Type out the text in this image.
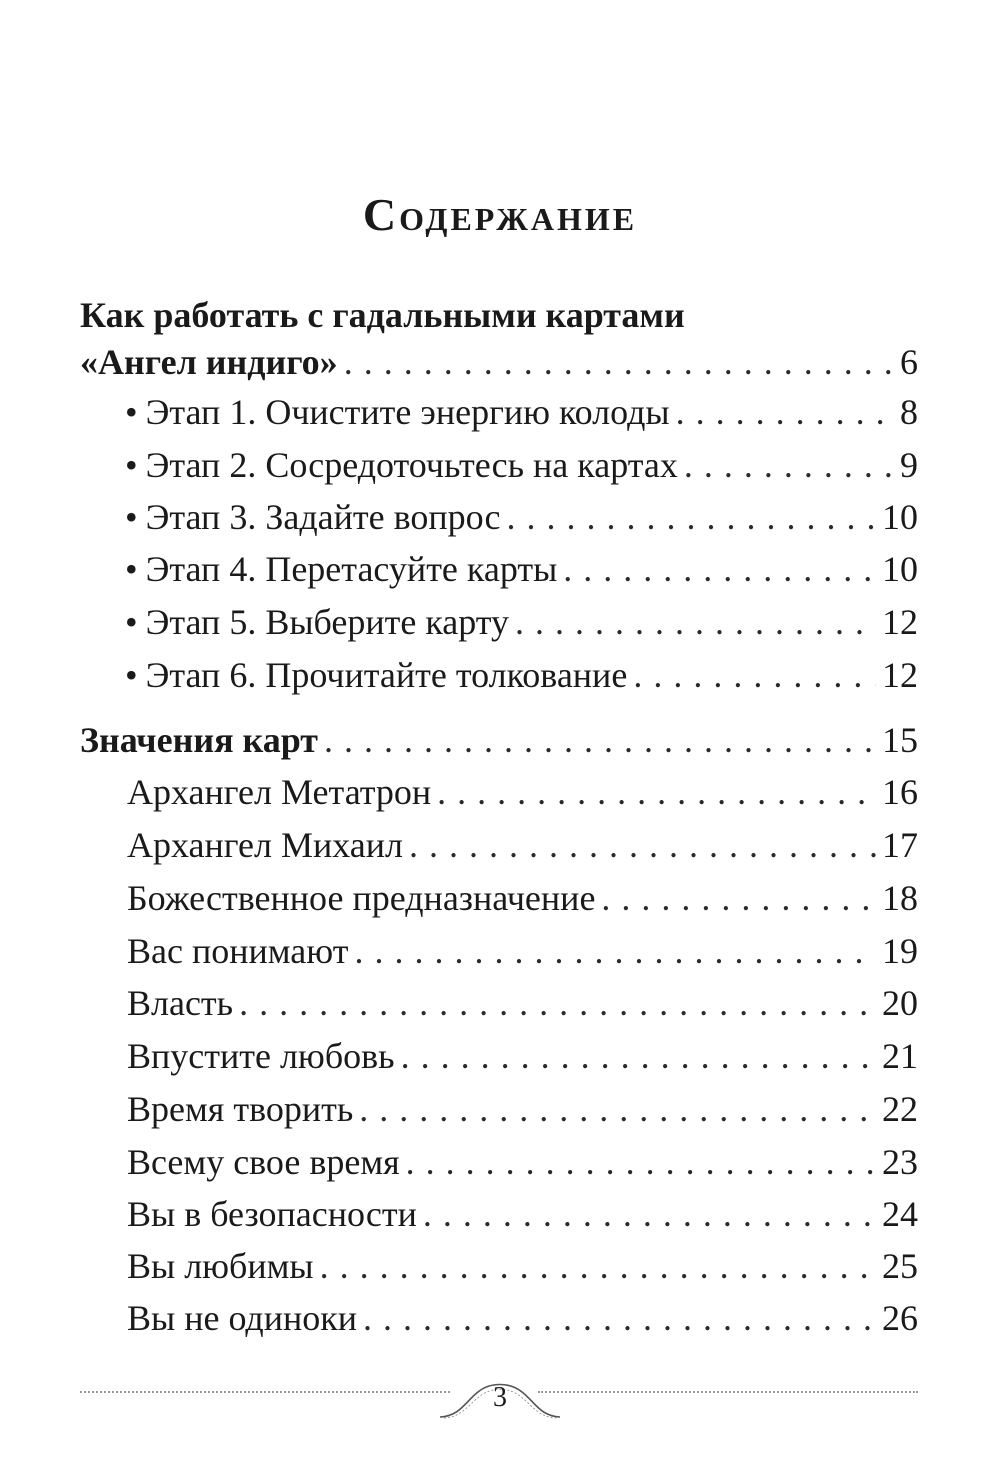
Содержание
Как работать с гадальными картами
«Ангел индиго» . . .	6
• Этап 1. Очистите энергию колоды . . .	8
• Этап 2. Сосредоточьтесь на картах . . .	9
• Этап 3. Задайте вопрос . . .	10
• Этап 4. Перетасуйте карты . . .	10
• Этап 5. Выберите карту . . .	12
• Этап 6. Прочитайте толкование . . .	12
Значения карт . . .	15
Архангел Метатрон . . .	16
Архангел Михаил . . .	17
Божественное предназначение . . .	18
Вас понимают . . .	19
Власть . . .	20
Впустите любовь . . .	21
Время творить . . .	22
Всему свое время . . .	23
Вы в безопасности . . .	24
Вы любимы . . .	25
Вы не одиноки . . .	26
3
